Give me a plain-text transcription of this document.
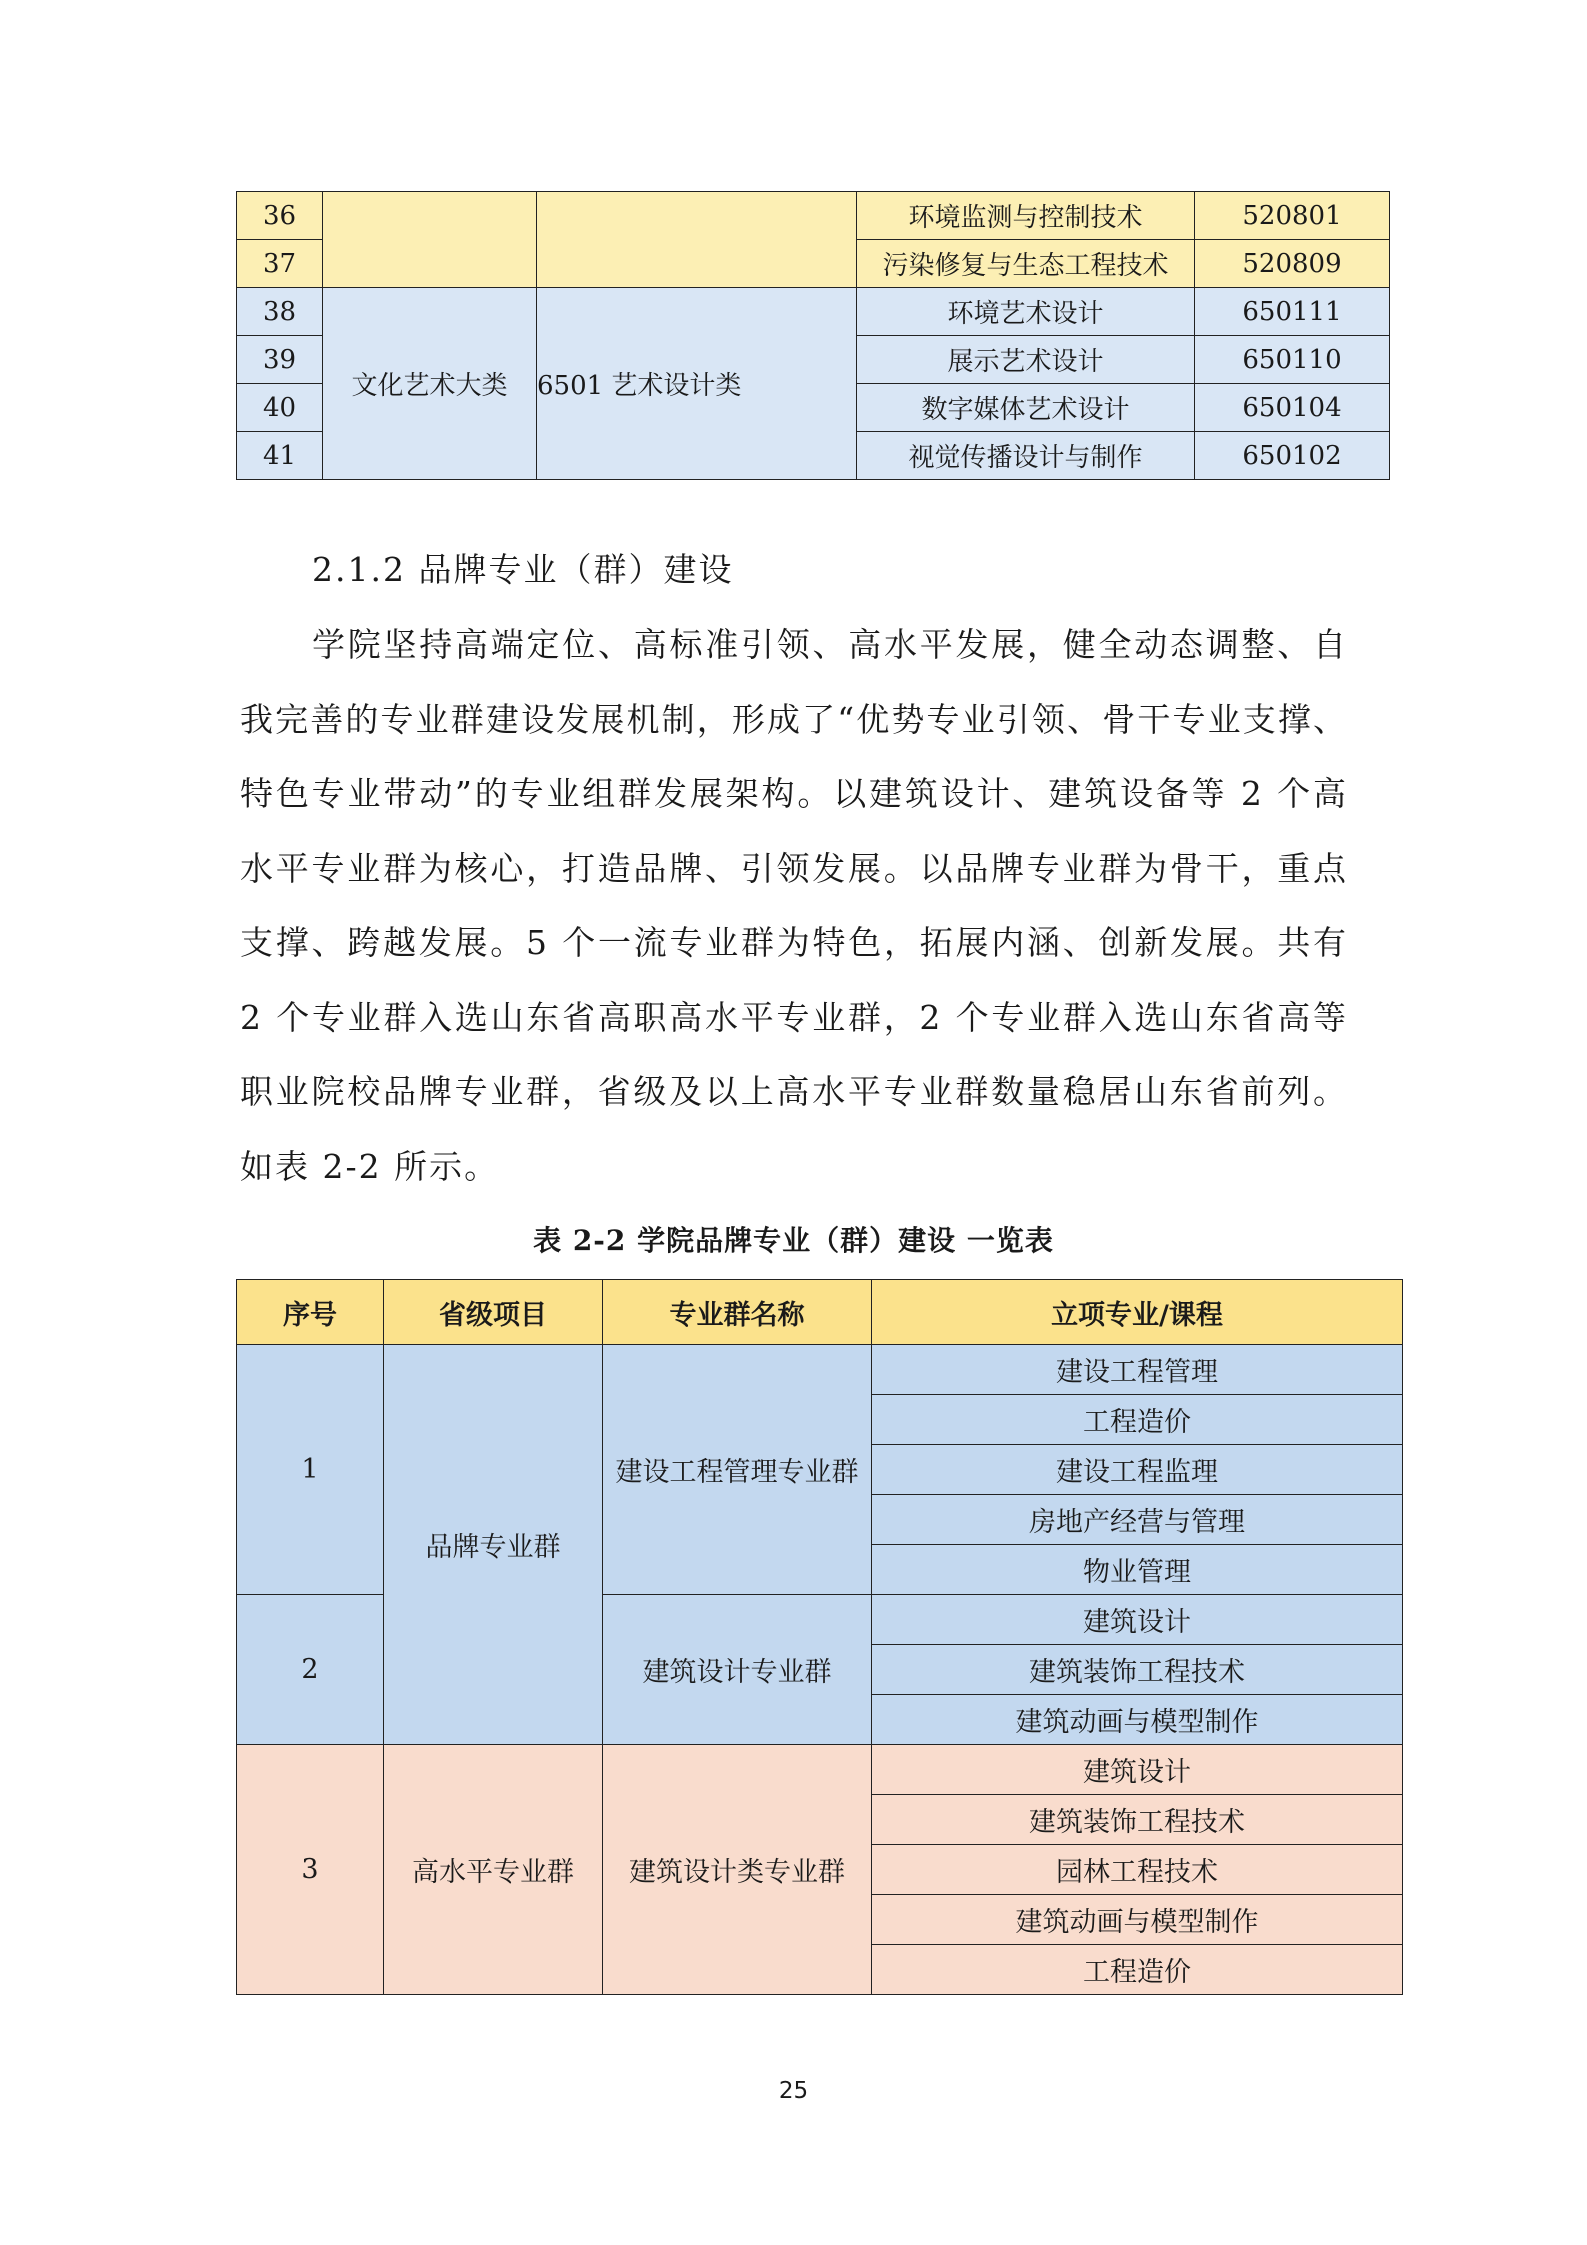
36			环境监测与控制技术	520801
37			污染修复与生态工程技术	520809
38	文化艺术大类	6501 艺术设计类	环境艺术设计	650111
39			展示艺术设计	650110
40			数字媒体艺术设计	650104
41			视觉传播设计与制作	650102
2.1.2 品牌专业（群）建设

学院坚持高端定位、高标准引领、高水平发展，健全动态调整、自我完善的专业群建设发展机制，形成了“优势专业引领、骨干专业支撑、特色专业带动”的专业组群发展架构。以建筑设计、建筑设备等 2 个高水平专业群为核心，打造品牌、引领发展。以品牌专业群为骨干，重点支撑、跨越发展。5 个一流专业群为特色，拓展内涵、创新发展。共有 2 个专业群入选山东省高职高水平专业群，2 个专业群入选山东省高等职业院校品牌专业群，省级及以上高水平专业群数量稳居山东省前列。如表 2-2 所示。

表 2-2 学院品牌专业（群）建设 一览表
序号	省级项目	专业群名称	立项专业/课程
1	品牌专业群	建设工程管理专业群	建设工程管理
			工程造价
			建设工程监理
			房地产经营与管理
			物业管理
2		建筑设计专业群	建筑设计
			建筑装饰工程技术
			建筑动画与模型制作
3	高水平专业群	建筑设计类专业群	建筑设计
			建筑装饰工程技术
			园林工程技术
			建筑动画与模型制作
			工程造价
25
